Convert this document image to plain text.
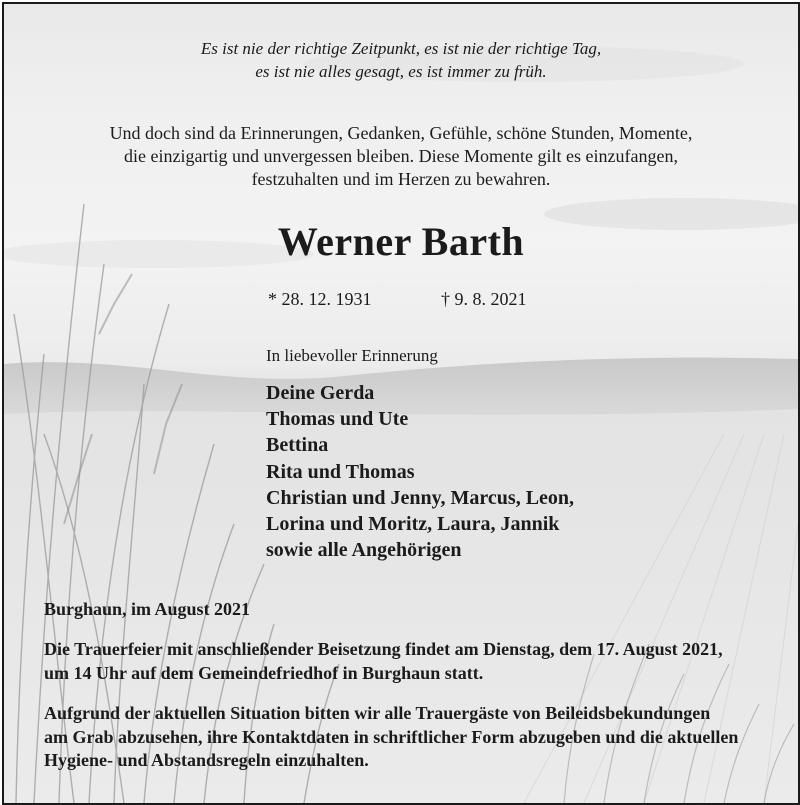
Es ist nie der richtige Zeitpunkt, es ist nie der richtige Tag,
es ist nie alles gesagt, es ist immer zu früh.
Und doch sind da Erinnerungen, Gedanken, Gefühle, schöne Stunden, Momente,
die einzigartig und unvergessen bleiben. Diese Momente gilt es einzufangen,
festzuhalten und im Herzen zu bewahren.
Werner Barth
* 28. 12. 1931	† 9. 8. 2021
In liebevoller Erinnerung
Deine Gerda
Thomas und Ute
Bettina
Rita und Thomas
Christian und Jenny, Marcus, Leon,
Lorina und Moritz, Laura, Jannik
sowie alle Angehörigen
Burghaun, im August 2021
Die Trauerfeier mit anschließender Beisetzung findet am Dienstag, dem 17. August 2021,
um 14 Uhr auf dem Gemeindefriedhof in Burghaun statt.
Aufgrund der aktuellen Situation bitten wir alle Trauergäste von Beileidsbekundungen
am Grab abzusehen, ihre Kontaktdaten in schriftlicher Form abzugeben und die aktuellen
Hygiene- und Abstandsregeln einzuhalten.
